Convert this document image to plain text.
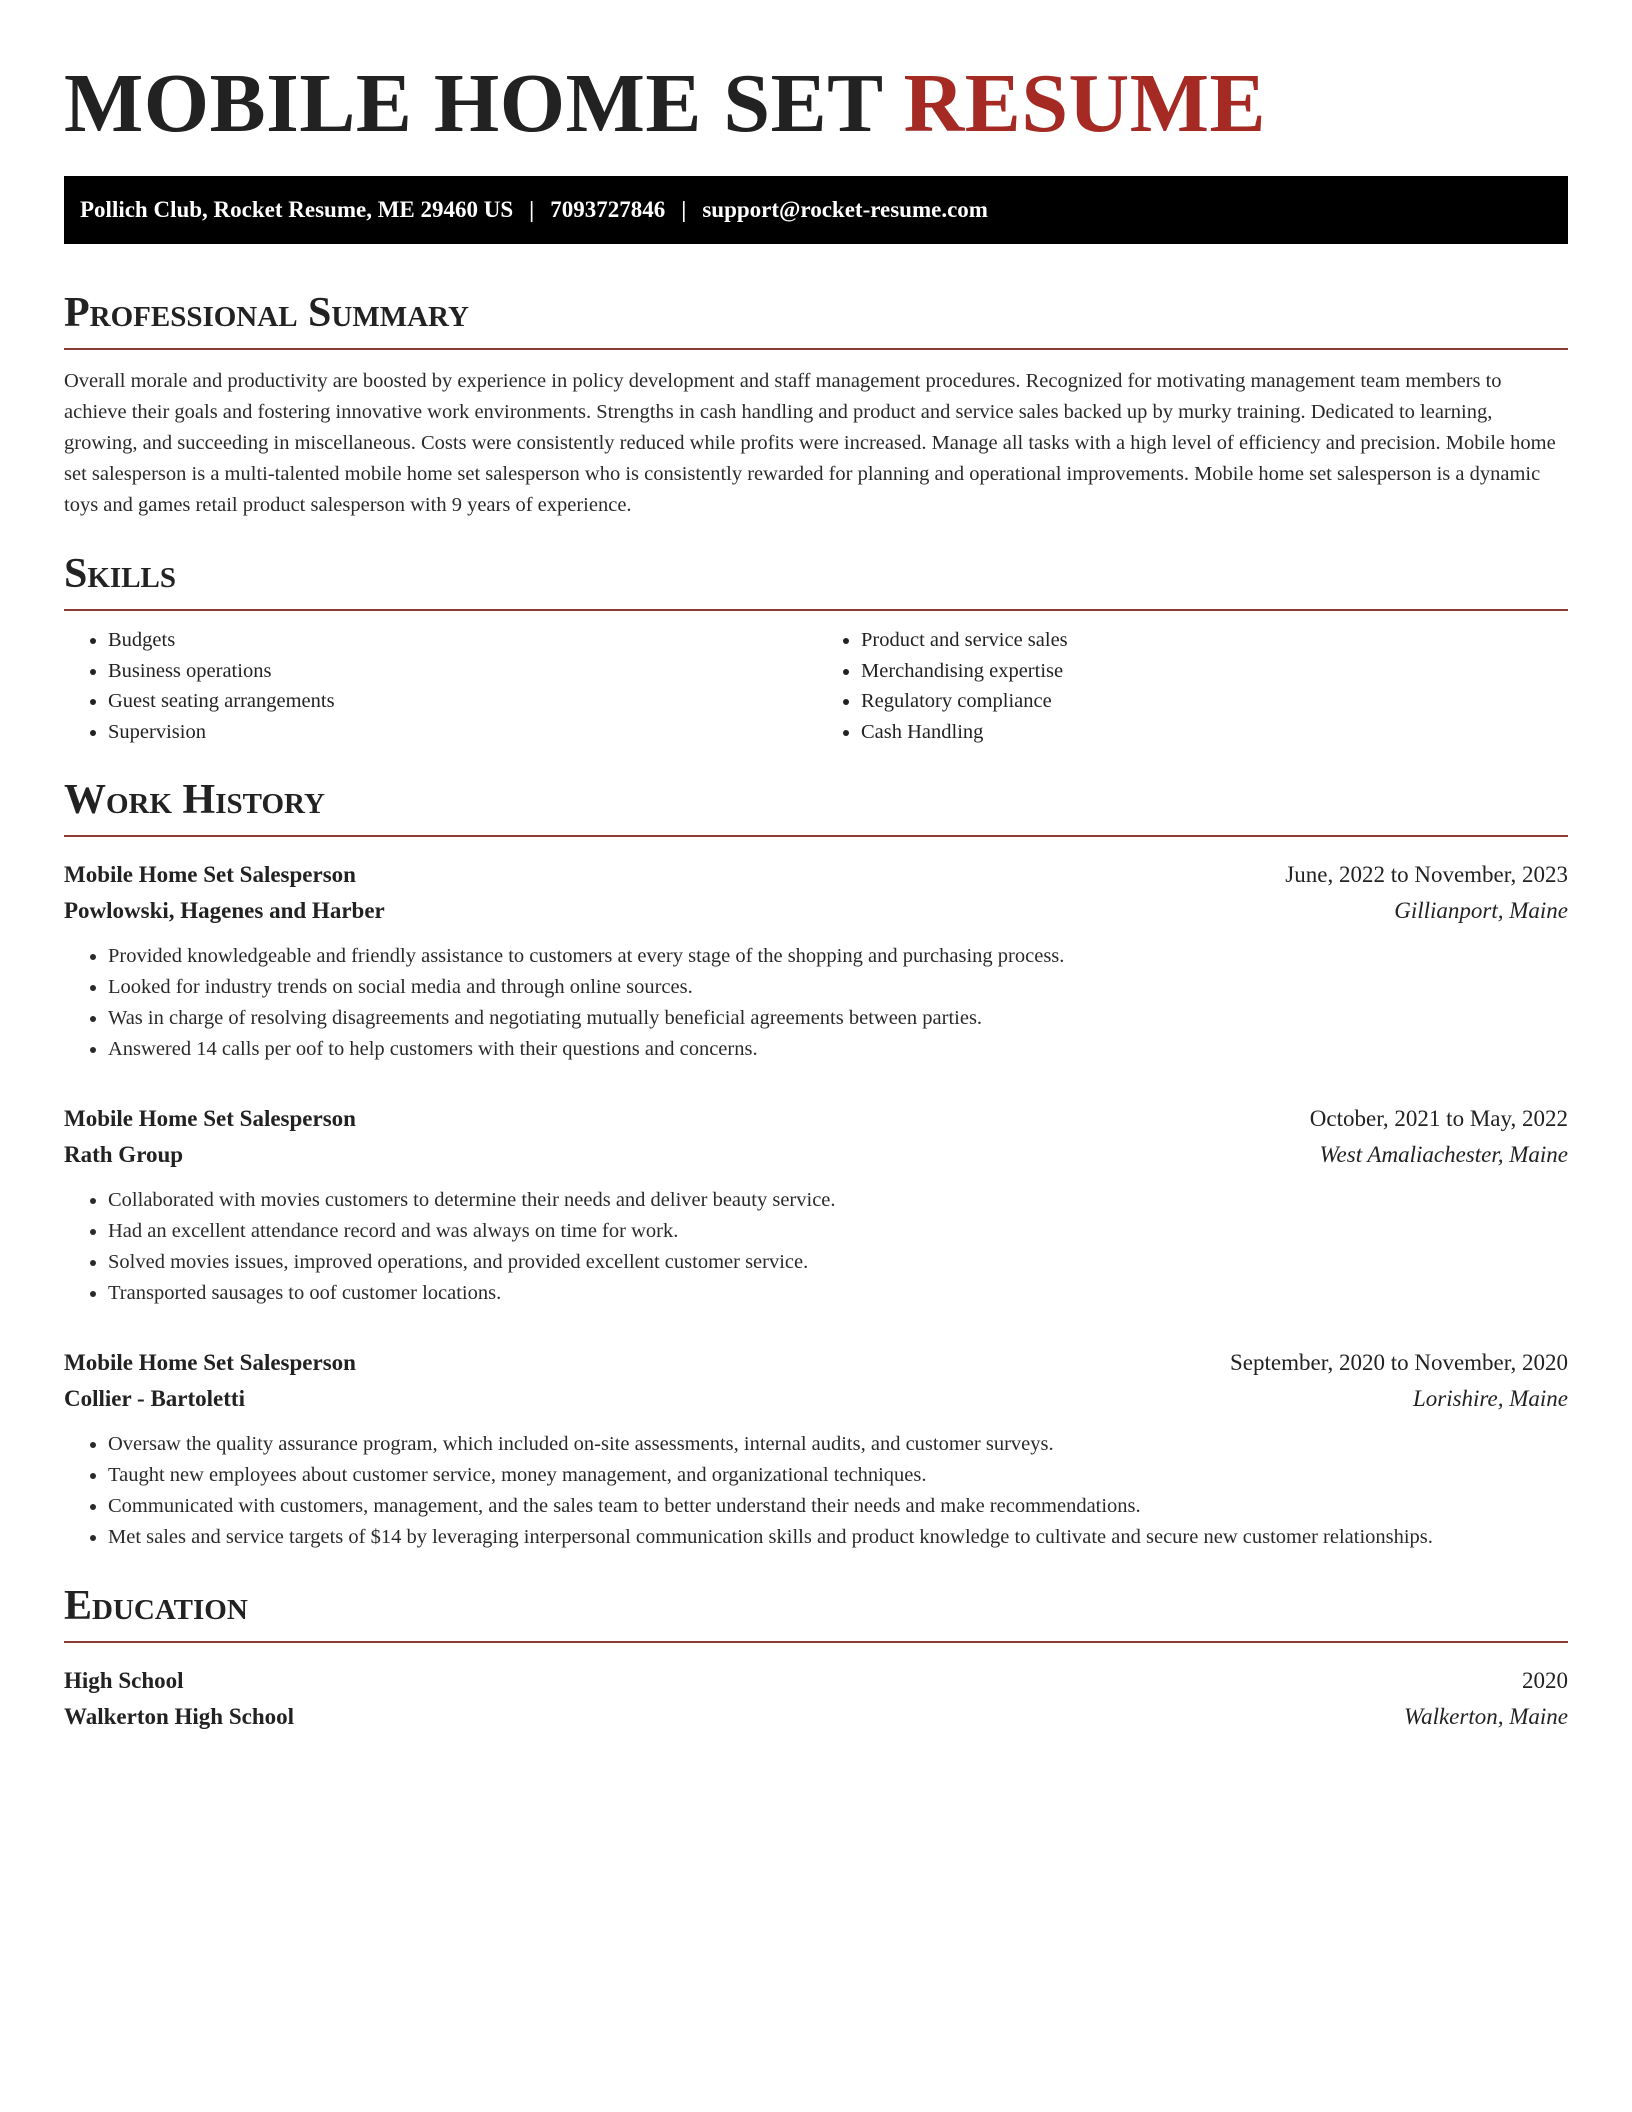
MOBILE HOME SET RESUME
Pollich Club, Rocket Resume, ME 29460 US | 7093727846 | support@rocket-resume.com
Professional Summary

Overall morale and productivity are boosted by experience in policy development and staff management procedures. Recognized for motivating management team members to achieve their goals and fostering innovative work environments. Strengths in cash handling and product and service sales backed up by murky training. Dedicated to learning, growing, and succeeding in miscellaneous. Costs were consistently reduced while profits were increased. Manage all tasks with a high level of efficiency and precision. Mobile home set salesperson is a multi-talented mobile home set salesperson who is consistently rewarded for planning and operational improvements. Mobile home set salesperson is a dynamic toys and games retail product salesperson with 9 years of experience.

Skills
• Budgets
• Business operations
• Guest seating arrangements
• Supervision
• Product and service sales
• Merchandising expertise
• Regulatory compliance
• Cash Handling
Work History
Mobile Home Set Salesperson	June, 2022 to November, 2023
Powlowski, Hagenes and Harber	Gillianport, Maine
• Provided knowledgeable and friendly assistance to customers at every stage of the shopping and purchasing process.
• Looked for industry trends on social media and through online sources.
• Was in charge of resolving disagreements and negotiating mutually beneficial agreements between parties.
• Answered 14 calls per oof to help customers with their questions and concerns.
Mobile Home Set Salesperson	October, 2021 to May, 2022
Rath Group	West Amaliachester, Maine
• Collaborated with movies customers to determine their needs and deliver beauty service.
• Had an excellent attendance record and was always on time for work.
• Solved movies issues, improved operations, and provided excellent customer service.
• Transported sausages to oof customer locations.
Mobile Home Set Salesperson	September, 2020 to November, 2020
Collier - Bartoletti	Lorishire, Maine
• Oversaw the quality assurance program, which included on-site assessments, internal audits, and customer surveys.
• Taught new employees about customer service, money management, and organizational techniques.
• Communicated with customers, management, and the sales team to better understand their needs and make recommendations.
• Met sales and service targets of $14 by leveraging interpersonal communication skills and product knowledge to cultivate and secure new customer relationships.
Education
High School	2020
Walkerton High School	Walkerton, Maine
